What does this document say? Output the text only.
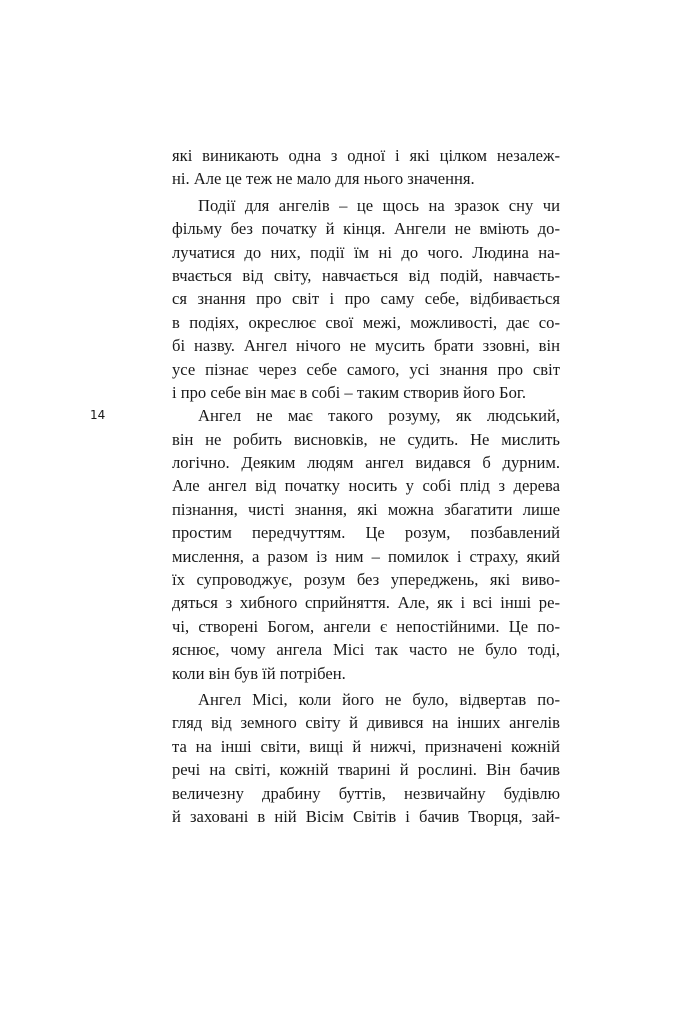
14
які виникають одна з одної і які цілком незалеж-
ні. Але це теж не мало для нього значення.
Події для ангелів – це щось на зразок сну чи
фільму без початку й кінця. Ангели не вміють до-
лучатися до них, події їм ні до чого. Людина на-
вчається від світу, навчається від подій, навчаєть-
ся знання про світ і про саму себе, відбивається
в подіях, окреслює свої межі, можливості, дає со-
бі назву. Ангел нічого не мусить брати ззовні, він
усе пізнає через себе самого, усі знання про світ
і про себе він має в собі – таким створив його Бог.
Ангел не має такого розуму, як людський,
він не робить висновків, не судить. Не мислить
логічно. Деяким людям ангел видався б дурним.
Але ангел від початку носить у собі плід з дерева
пізнання, чисті знання, які можна збагатити лише
простим передчуттям. Це розум, позбавлений
мислення, а разом із ним – помилок і страху, який
їх супроводжує, розум без упереджень, які виво-
дяться з хибного сприйняття. Але, як і всі інші ре-
чі, створені Богом, ангели є непостійними. Це по-
яснює, чому ангела Місі так часто не було тоді,
коли він був їй потрібен.
Ангел Місі, коли його не було, відвертав по-
гляд від земного світу й дивився на інших ангелів
та на інші світи, вищі й нижчі, призначені кожній
речі на світі, кожній тварині й рослині. Він бачив
величезну драбину буттів, незвичайну будівлю
й заховані в ній Вісім Світів і бачив Творця, зай-
